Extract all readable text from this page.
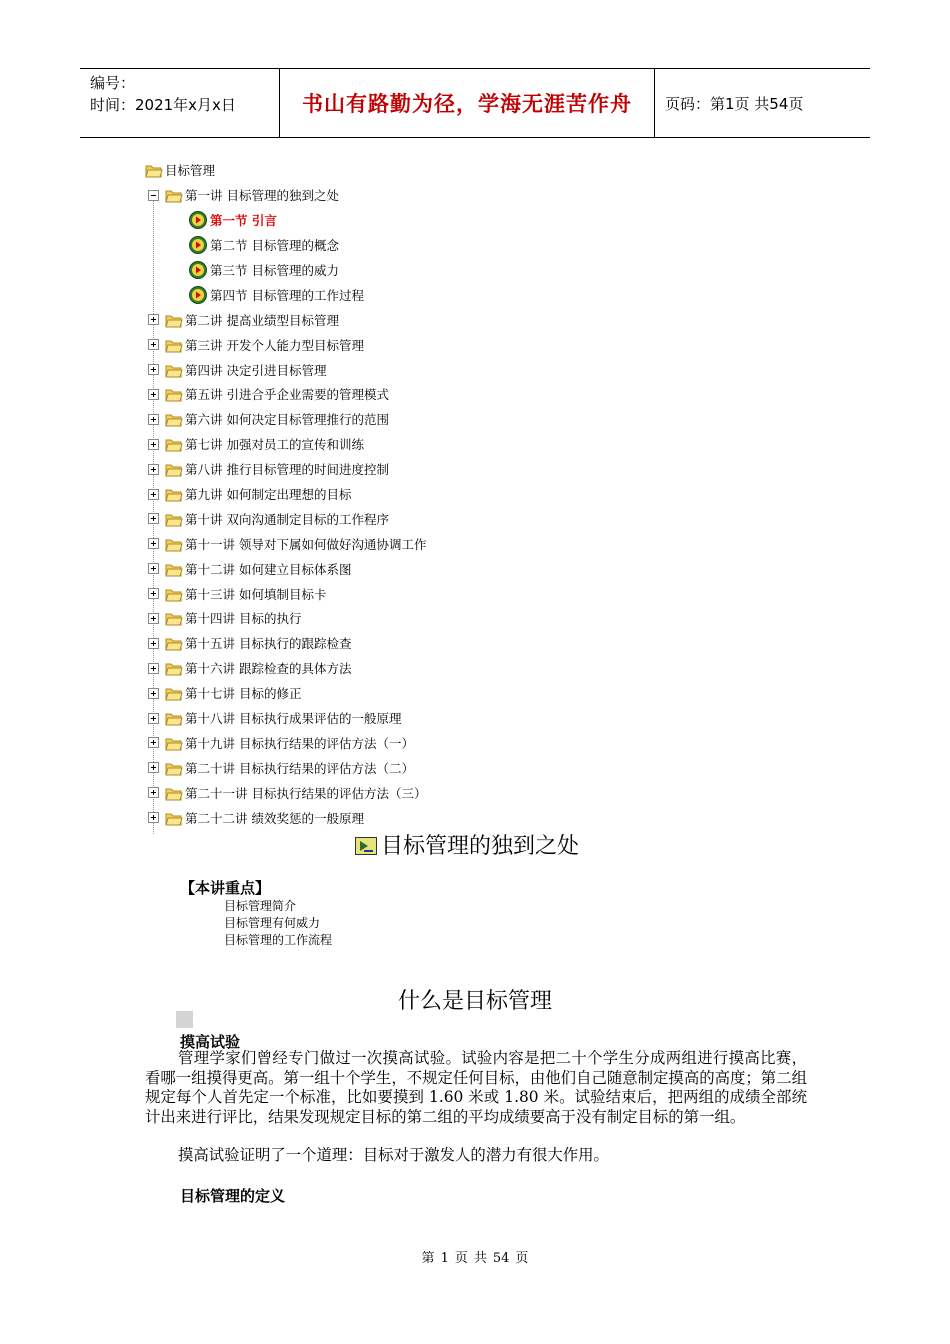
编号：
时间：2021年x月x日	书山有路勤为径，学海无涯苦作舟	页码：第1页 共54页
目标管理
第一讲 目标管理的独到之处
第一节 引言
第二节 目标管理的概念
第三节 目标管理的威力
第四节 目标管理的工作过程
第二讲 提高业绩型目标管理
第三讲 开发个人能力型目标管理
第四讲 决定引进目标管理
第五讲 引进合乎企业需要的管理模式
第六讲 如何决定目标管理推行的范围
第七讲 加强对员工的宣传和训练
第八讲 推行目标管理的时间进度控制
第九讲 如何制定出理想的目标
第十讲 双向沟通制定目标的工作程序
第十一讲 领导对下属如何做好沟通协调工作
第十二讲 如何建立目标体系图
第十三讲 如何填制目标卡
第十四讲 目标的执行
第十五讲 目标执行的跟踪检查
第十六讲 跟踪检查的具体方法
第十七讲 目标的修正
第十八讲 目标执行成果评估的一般原理
第十九讲 目标执行结果的评估方法（一）
第二十讲 目标执行结果的评估方法（二）
第二十一讲 目标执行结果的评估方法（三）
第二十二讲 绩效奖惩的一般原理
目标管理的独到之处
【本讲重点】
目标管理简介
目标管理有何威力
目标管理的工作流程
什么是目标管理
摸高试验
管理学家们曾经专门做过一次摸高试验。试验内容是把二十个学生分成两组进行摸高比赛，看哪一组摸得更高。第一组十个学生，不规定任何目标，由他们自己随意制定摸高的高度；第二组规定每个人首先定一个标准，比如要摸到 1.60 米或 1.80 米。试验结束后，把两组的成绩全部统计出来进行评比，结果发现规定目标的第二组的平均成绩要高于没有制定目标的第一组。
摸高试验证明了一个道理：目标对于激发人的潜力有很大作用。
目标管理的定义
第 1 页 共 54 页
